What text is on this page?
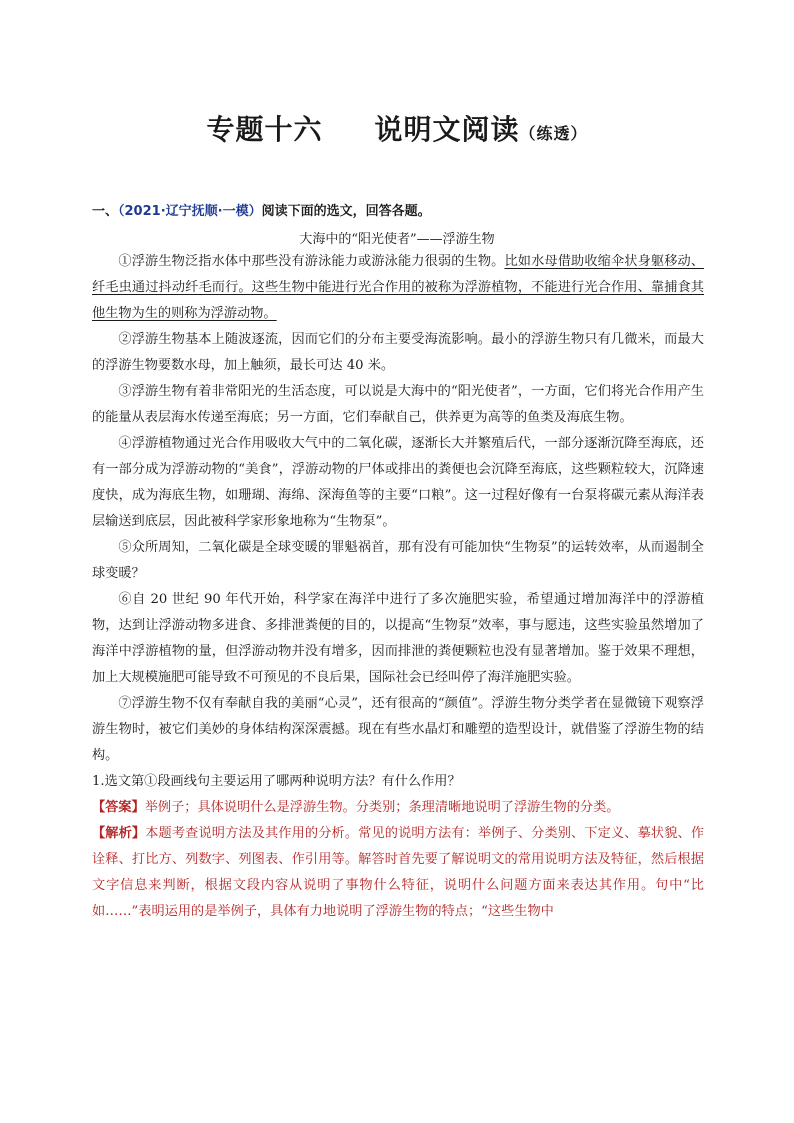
专题十六 说明文阅读（练透）
一、（2021·辽宁抚顺·一模）阅读下面的选文，回答各题。
大海中的“阳光使者”——浮游生物

①浮游生物泛指水体中那些没有游泳能力或游泳能力很弱的生物。比如水母借助收缩伞状身躯移动、纤毛虫通过抖动纤毛而行。这些生物中能进行光合作用的被称为浮游植物，不能进行光合作用、靠捕食其他生物为生的则称为浮游动物。

②浮游生物基本上随波逐流，因而它们的分布主要受海流影响。最小的浮游生物只有几微米，而最大的浮游生物要数水母，加上触须，最长可达 40 米。

③浮游生物有着非常阳光的生活态度，可以说是大海中的“阳光使者”，一方面，它们将光合作用产生的能量从表层海水传递至海底；另一方面，它们奉献自己，供养更为高等的鱼类及海底生物。

④浮游植物通过光合作用吸收大气中的二氧化碳，逐渐长大并繁殖后代，一部分逐渐沉降至海底，还有一部分成为浮游动物的“美食”，浮游动物的尸体或排出的粪便也会沉降至海底，这些颗粒较大，沉降速度快，成为海底生物，如珊瑚、海绵、深海鱼等的主要“口粮”。这一过程好像有一台泵将碳元素从海洋表层输送到底层，因此被科学家形象地称为“生物泵”。

⑤众所周知，二氧化碳是全球变暖的罪魁祸首，那有没有可能加快“生物泵”的运转效率，从而遏制全球变暖？

⑥自 20 世纪 90 年代开始，科学家在海洋中进行了多次施肥实验，希望通过增加海洋中的浮游植物，达到让浮游动物多进食、多排泄粪便的目的，以提高“生物泵”效率，事与愿违，这些实验虽然增加了海洋中浮游植物的量，但浮游动物并没有增多，因而排泄的粪便颗粒也没有显著增加。鉴于效果不理想，加上大规模施肥可能导致不可预见的不良后果，国际社会已经叫停了海洋施肥实验。

⑦浮游生物不仅有奉献自我的美丽“心灵”，还有很高的“颜值”。浮游生物分类学者在显微镜下观察浮游生物时，被它们美妙的身体结构深深震撼。现在有些水晶灯和雕塑的造型设计，就借鉴了浮游生物的结构。

1.选文第①段画线句主要运用了哪两种说明方法？有什么作用？

【答案】举例子；具体说明什么是浮游生物。分类别；条理清晰地说明了浮游生物的分类。

【解析】本题考查说明方法及其作用的分析。常见的说明方法有：举例子、分类别、下定义、摹状貌、作诠释、打比方、列数字、列图表、作引用等。解答时首先要了解说明文的常用说明方法及特征，然后根据文字信息来判断，根据文段内容从说明了事物什么特征，说明什么问题方面来表达其作用。句中“比如……”表明运用的是举例子，具体有力地说明了浮游生物的特点；“这些生物中
